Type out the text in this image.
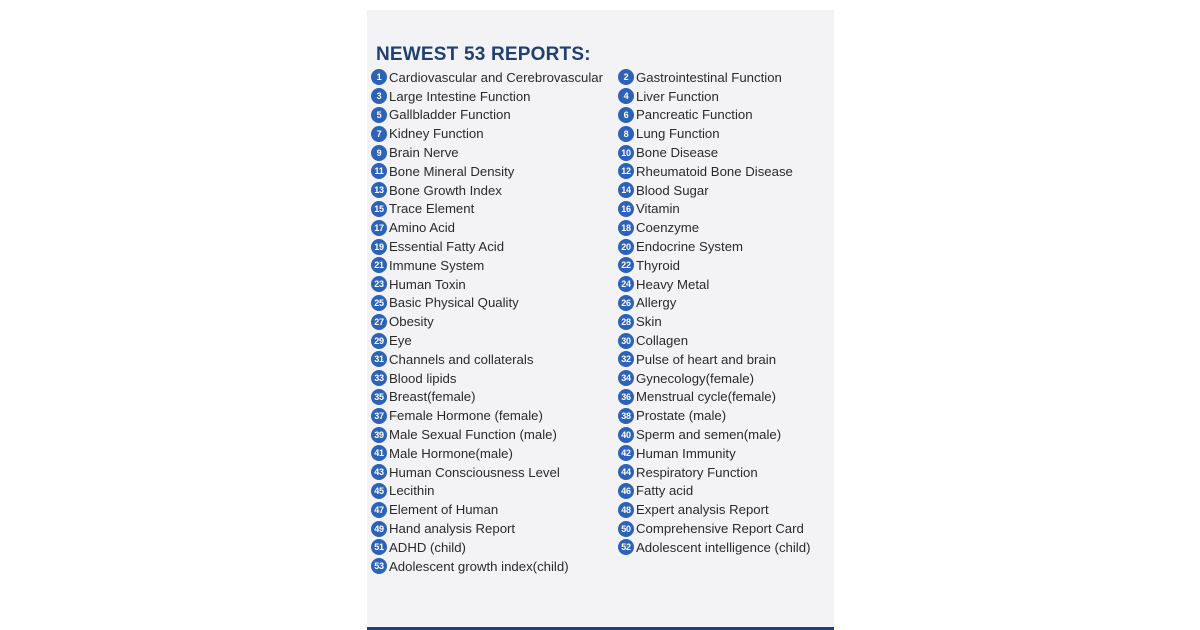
NEWEST 53 REPORTS:
1 Cardiovascular and Cerebrovascular
3 Large Intestine Function
5 Gallbladder Function
7 Kidney Function
9 Brain Nerve
11 Bone Mineral Density
13 Bone Growth Index
15 Trace Element
17 Amino Acid
19 Essential Fatty Acid
21 Immune System
23 Human Toxin
25 Basic Physical Quality
27 Obesity
29 Eye
31 Channels and collaterals
33 Blood lipids
35 Breast(female)
37 Female Hormone (female)
39 Male Sexual Function (male)
41 Male Hormone(male)
43 Human Consciousness Level
45 Lecithin
47 Element of Human
49 Hand analysis Report
51 ADHD (child)
53 Adolescent growth index(child)
2 Gastrointestinal Function
4 Liver Function
6 Pancreatic Function
8 Lung Function
10 Bone Disease
12 Rheumatoid Bone Disease
14 Blood Sugar
16 Vitamin
18 Coenzyme
20 Endocrine System
22 Thyroid
24 Heavy Metal
26 Allergy
28 Skin
30 Collagen
32 Pulse of heart and brain
34 Gynecology(female)
36 Menstrual cycle(female)
38 Prostate (male)
40 Sperm and semen(male)
42 Human Immunity
44 Respiratory Function
46 Fatty acid
48 Expert analysis Report
50 Comprehensive Report Card
52 Adolescent intelligence (child)
